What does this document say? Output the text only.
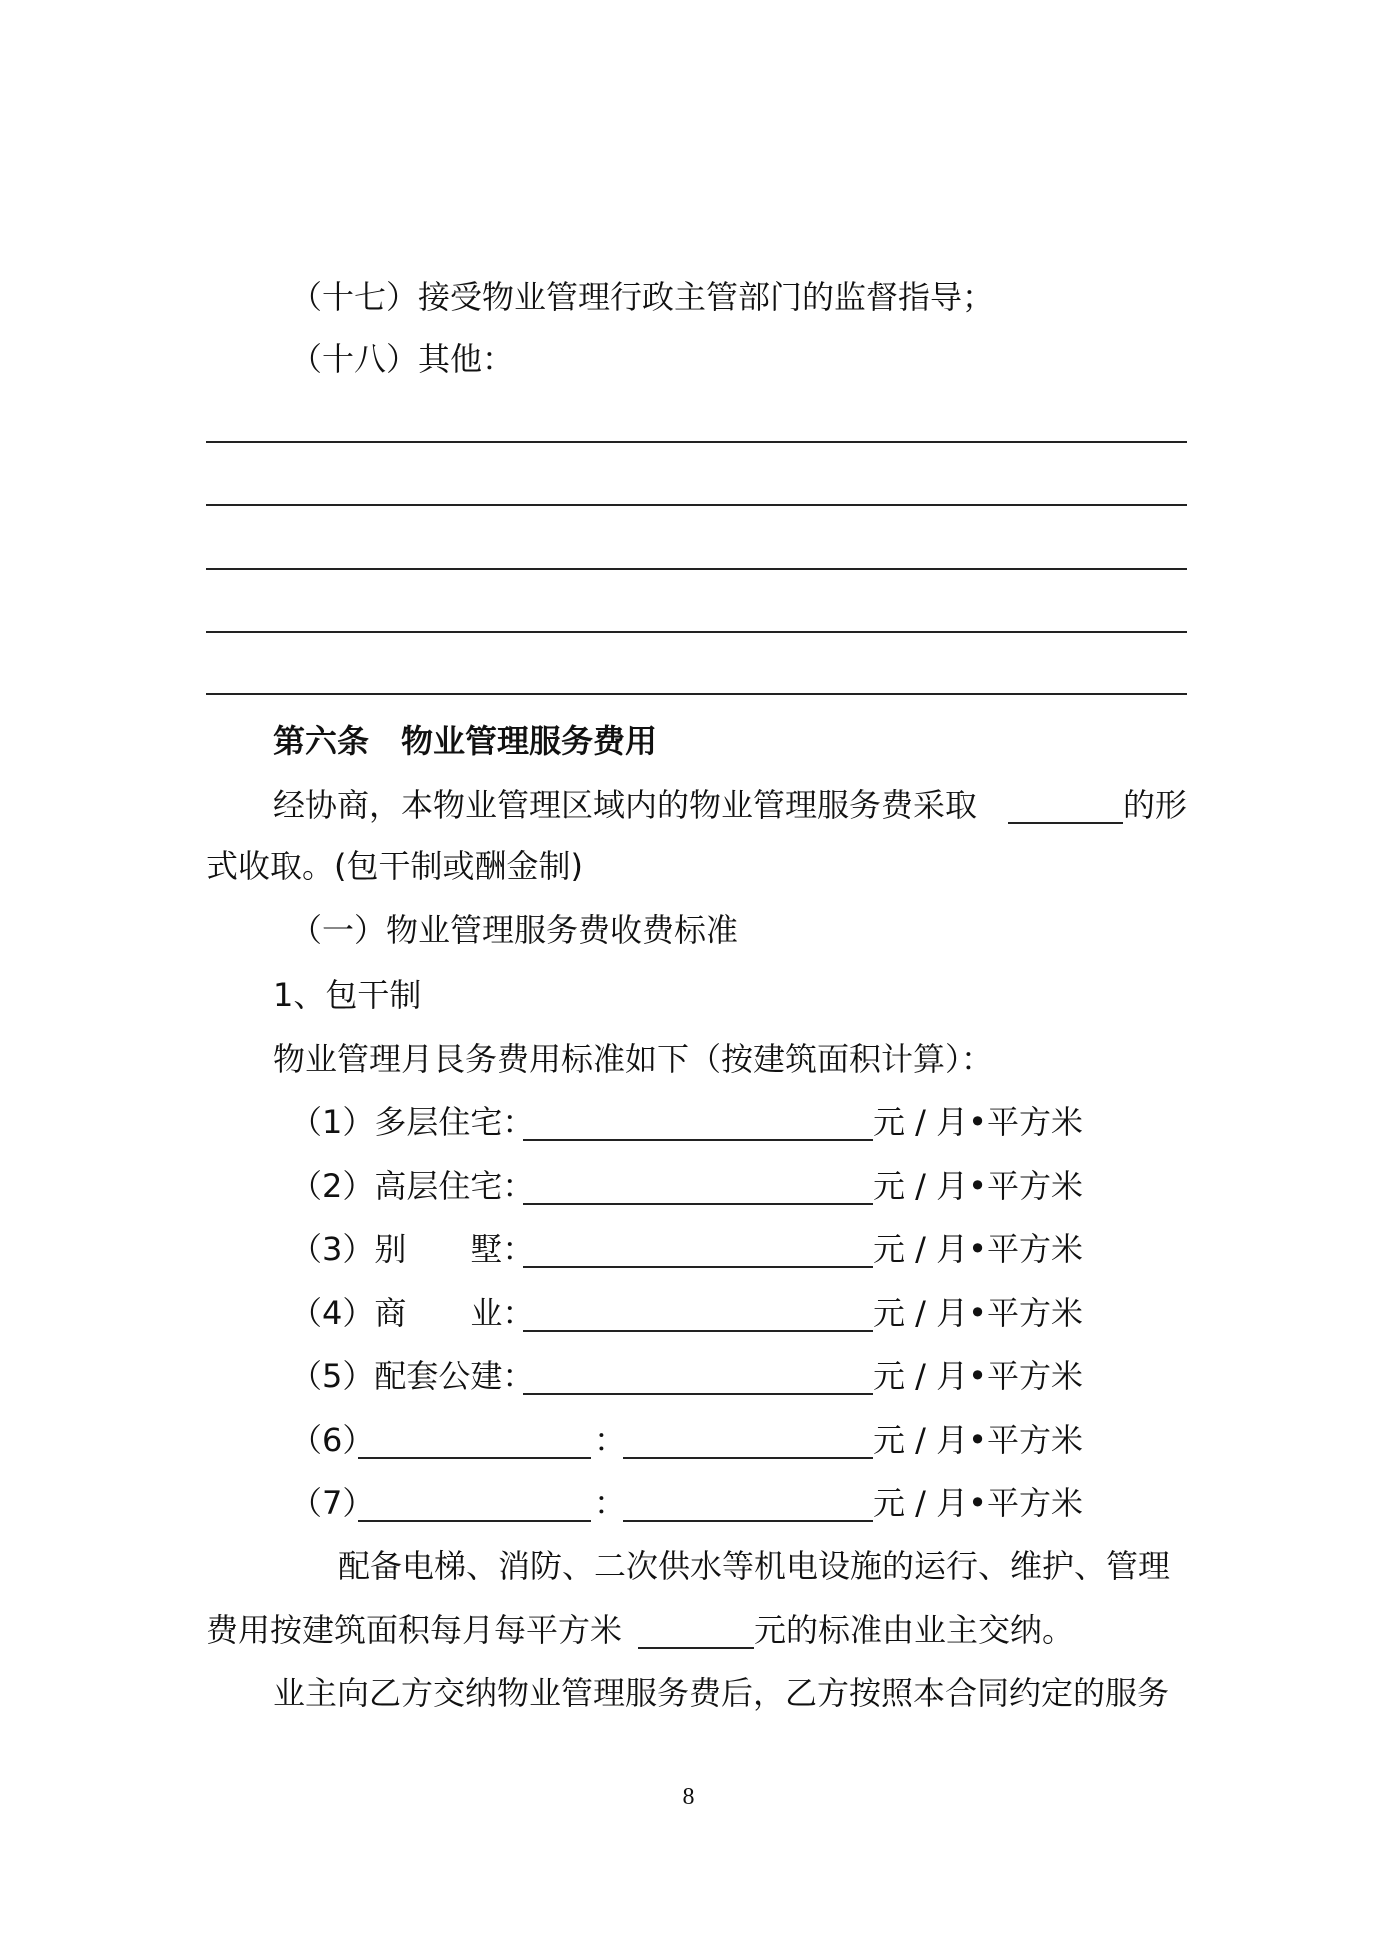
（十七）接受物业管理行政主管部门的监督指导；
（十八）其他：
第六条　物业管理服务费用
经协商，本物业管理区域内的物业管理服务费采取	的形
式收取。(包干制或酬金制)
（一）物业管理服务费收费标准
1、包干制
物业管理月艮务费用标准如下（按建筑面积计算）：
（1）多层住宅：	元 / 月•平方米
（2）高层住宅：	元 / 月•平方米
（3）别　　墅：	元 / 月•平方米
（4）商　　业：	元 / 月•平方米
（5）配套公建：	元 / 月•平方米
（6）	：	元 / 月•平方米
（7）	：	元 / 月•平方米
配备电梯、消防、二次供水等机电设施的运行、维护、管理
费用按建筑面积每月每平方米	元的标准由业主交纳。
业主向乙方交纳物业管理服务费后，乙方按照本合同约定的服务
8
